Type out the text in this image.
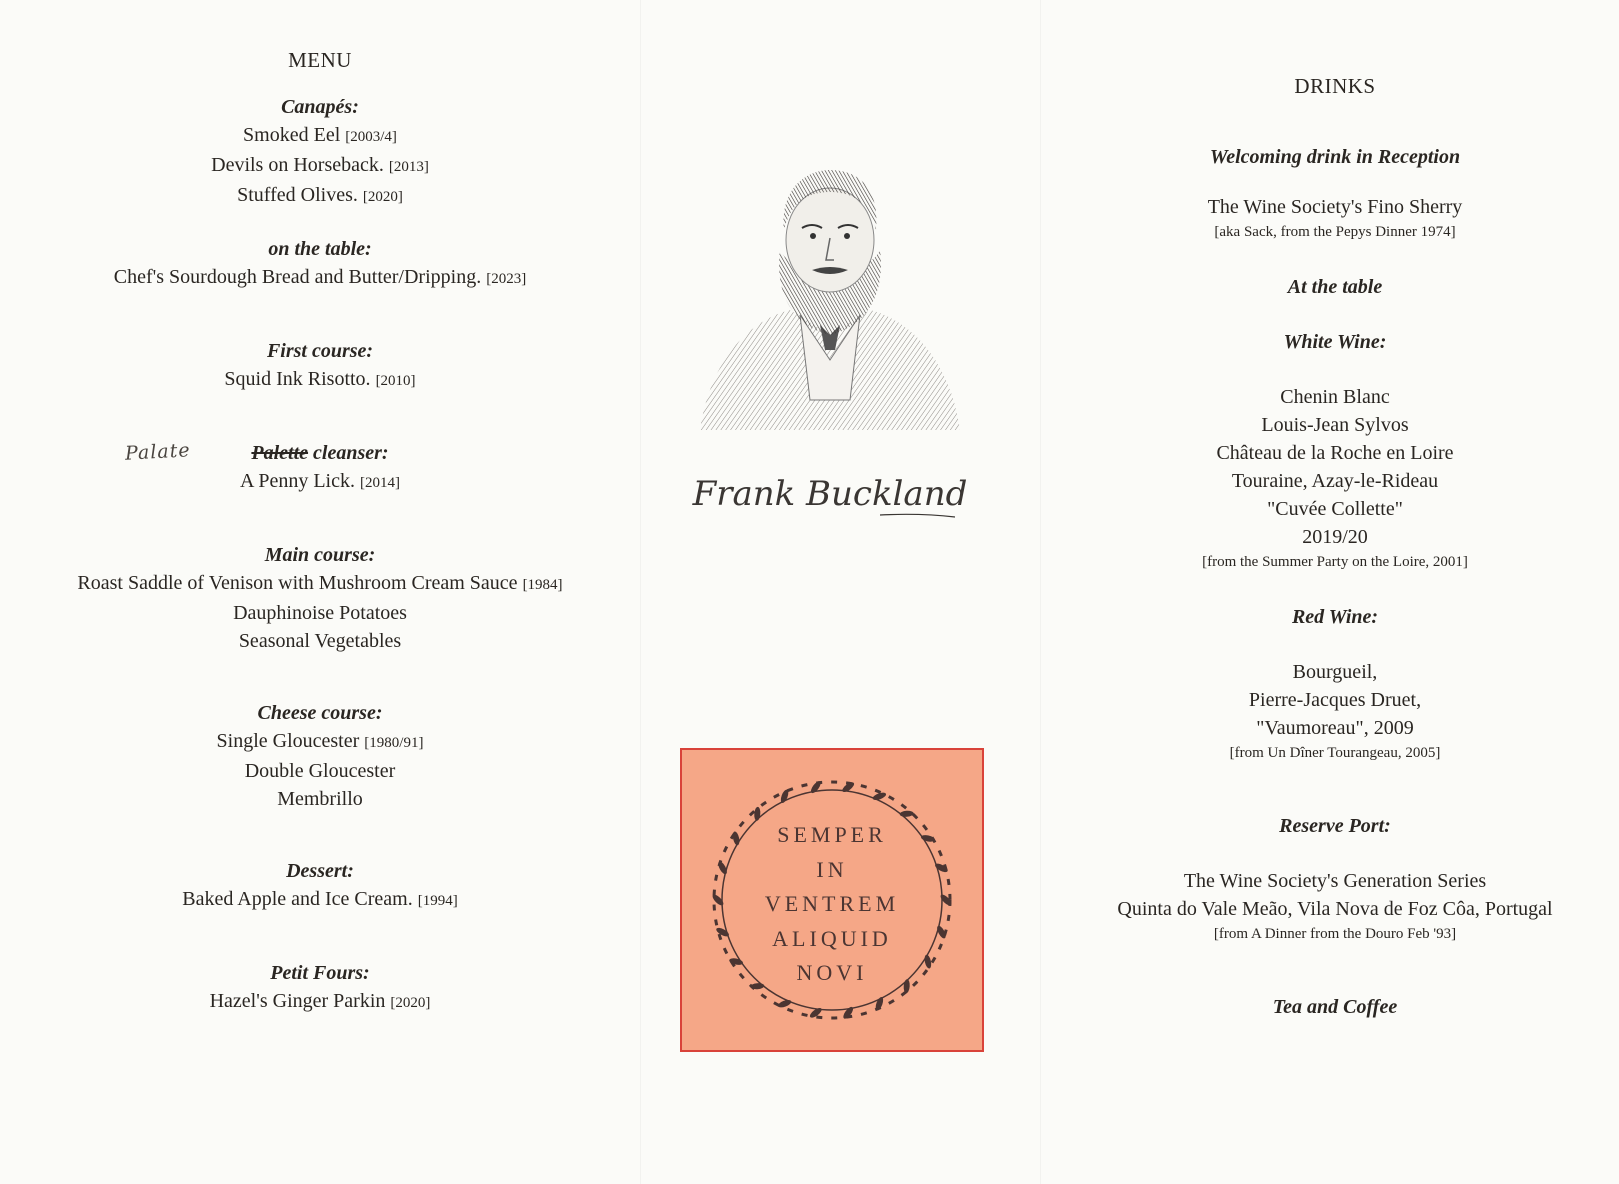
MENU
Canapés:
Smoked Eel [2003/4]
Devils on Horseback. [2013]
Stuffed Olives. [2020]
on the table:
Chef's Sourdough Bread and Butter/Dripping. [2023]
First course:
Squid Ink Risotto. [2010]
Palate	Palette cleanser:
A Penny Lick. [2014]
Main course:
Roast Saddle of Venison with Mushroom Cream Sauce [1984]
Dauphinoise Potatoes
Seasonal Vegetables
Cheese course:
Single Gloucester [1980/91]
Double Gloucester
Membrillo
Dessert:
Baked Apple and Ice Cream. [1994]
Petit Fours:
Hazel's Ginger Parkin [2020]
Frank Buckland
SEMPER
IN
VENTREM
ALIQUID
NOVI
DRINKS
Welcoming drink in Reception
The Wine Society's Fino Sherry
[aka Sack, from the Pepys Dinner 1974]
At the table
White Wine:
Chenin Blanc
Louis-Jean Sylvos
Château de la Roche en Loire
Touraine, Azay-le-Rideau
"Cuvée Collette"
2019/20
[from the Summer Party on the Loire, 2001]
Red Wine:
Bourgueil,
Pierre-Jacques Druet,
"Vaumoreau", 2009
[from Un Dîner Tourangeau, 2005]
Reserve Port:
The Wine Society's Generation Series
Quinta do Vale Meão, Vila Nova de Foz Côa, Portugal
[from A Dinner from the Douro Feb '93]
Tea and Coffee
